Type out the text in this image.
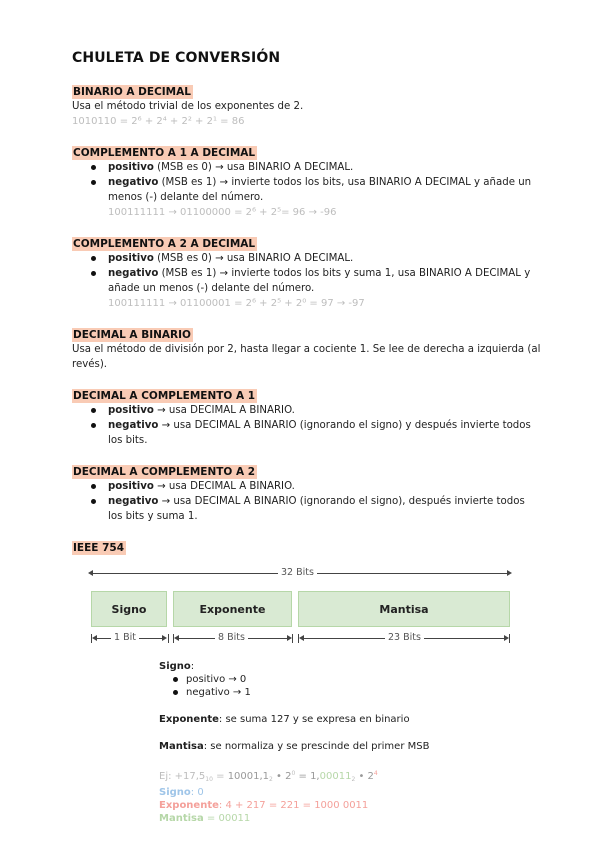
CHULETA DE CONVERSIÓN
BINARIO A DECIMAL

Usa el método trivial de los exponentes de 2.

1010110 = 2⁶ + 2⁴ + 2² + 2¹ = 86
COMPLEMENTO A 1 A DECIMAL
positivo (MSB es 0) → usa BINARIO A DECIMAL.
negativo (MSB es 1) → invierte todos los bits, usa BINARIO A DECIMAL y añade un menos (-) delante del número.
100111111 → 01100000 = 2⁶ + 2⁵= 96 → -96
COMPLEMENTO A 2 A DECIMAL
positivo (MSB es 0) → usa BINARIO A DECIMAL.
negativo (MSB es 1) → invierte todos los bits y suma 1, usa BINARIO A DECIMAL y añade un menos (-) delante del número.
100111111 → 01100001 = 2⁶ + 2⁵ + 2⁰ = 97 → -97
DECIMAL A BINARIO

Usa el método de división por 2, hasta llegar a cociente 1. Se lee de derecha a izquierda (al revés).

DECIMAL A COMPLEMENTO A 1
positivo → usa DECIMAL A BINARIO.
negativo → usa DECIMAL A BINARIO (ignorando el signo) y después invierte todos los bits.
DECIMAL A COMPLEMENTO A 2
positivo → usa DECIMAL A BINARIO.
negativo → usa DECIMAL A BINARIO (ignorando el signo), después invierte todos los bits y suma 1.
IEEE 754
32 Bits
Signo	Exponente	Mantisa
1 Bit	8 Bits	23 Bits
Signo:
positivo → 0
negativo → 1
Exponente: se suma 127 y se expresa en binario
Mantisa: se normaliza y se prescinde del primer MSB
Ej: $+17,5_{10} = 10001,1_2$ • $2^0 = 1,00011_2$ • $2^4$
Signo: 0
Exponente: 4 + 217 = 221 = 1000 0011
Mantisa = 00011
